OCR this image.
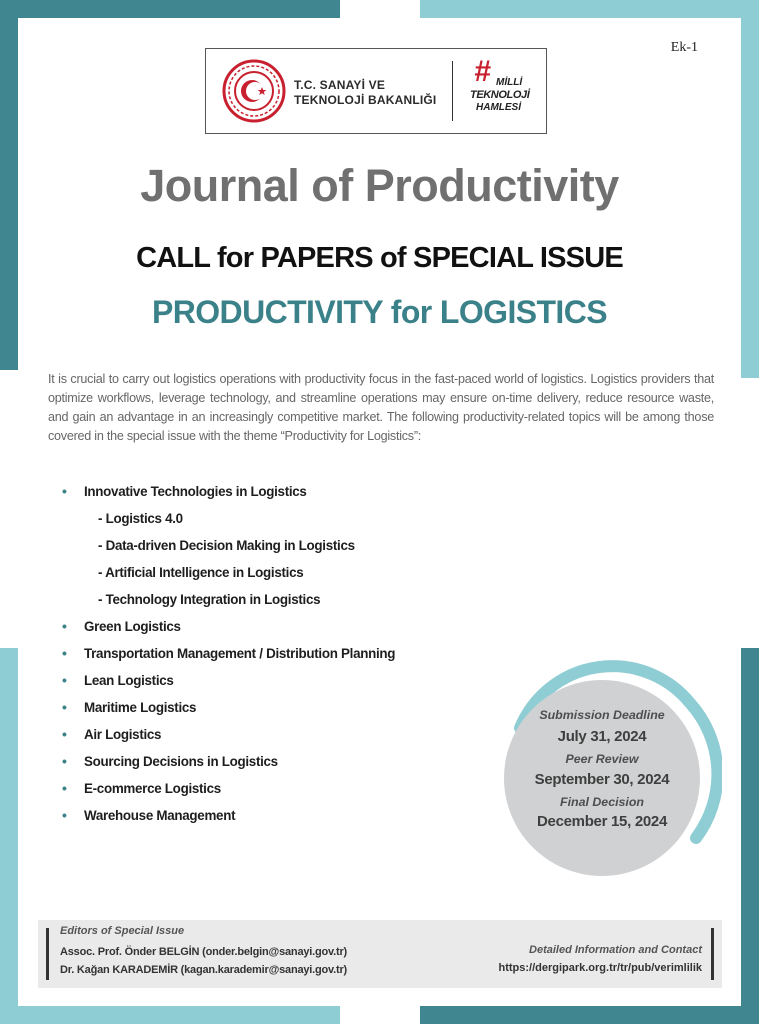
Ek-1
T.C. SANAYİ VE
TEKNOLOJİ BAKANLIĞI
# MİLLİ
TEKNOLOJİ
HAMLESİ
Journal of Productivity
CALL for PAPERS of SPECIAL ISSUE
PRODUCTIVITY for LOGISTICS
It is crucial to carry out logistics operations with productivity focus in the fast-paced world of logistics. Logistics providers that optimize workflows, leverage technology, and streamline operations may ensure on-time delivery, reduce resource waste, and gain an advantage in an increasingly competitive market. The following productivity-related topics will be among those covered in the special issue with the theme “Productivity for Logistics”:
• Innovative Technologies in Logistics
- Logistics 4.0
- Data-driven Decision Making in Logistics
- Artificial Intelligence in Logistics
- Technology Integration in Logistics
• Green Logistics
• Transportation Management / Distribution Planning
• Lean Logistics
• Maritime Logistics
• Air Logistics
• Sourcing Decisions in Logistics
• E-commerce Logistics
• Warehouse Management
Submission Deadline
July 31, 2024
Peer Review
September 30, 2024
Final Decision
December 15, 2024
Editors of Special Issue
Assoc. Prof. Önder BELGİN (onder.belgin@sanayi.gov.tr)
Dr. Kağan KARADEMİR (kagan.karademir@sanayi.gov.tr)
Detailed Information and Contact
https://dergipark.org.tr/tr/pub/verimlilik
